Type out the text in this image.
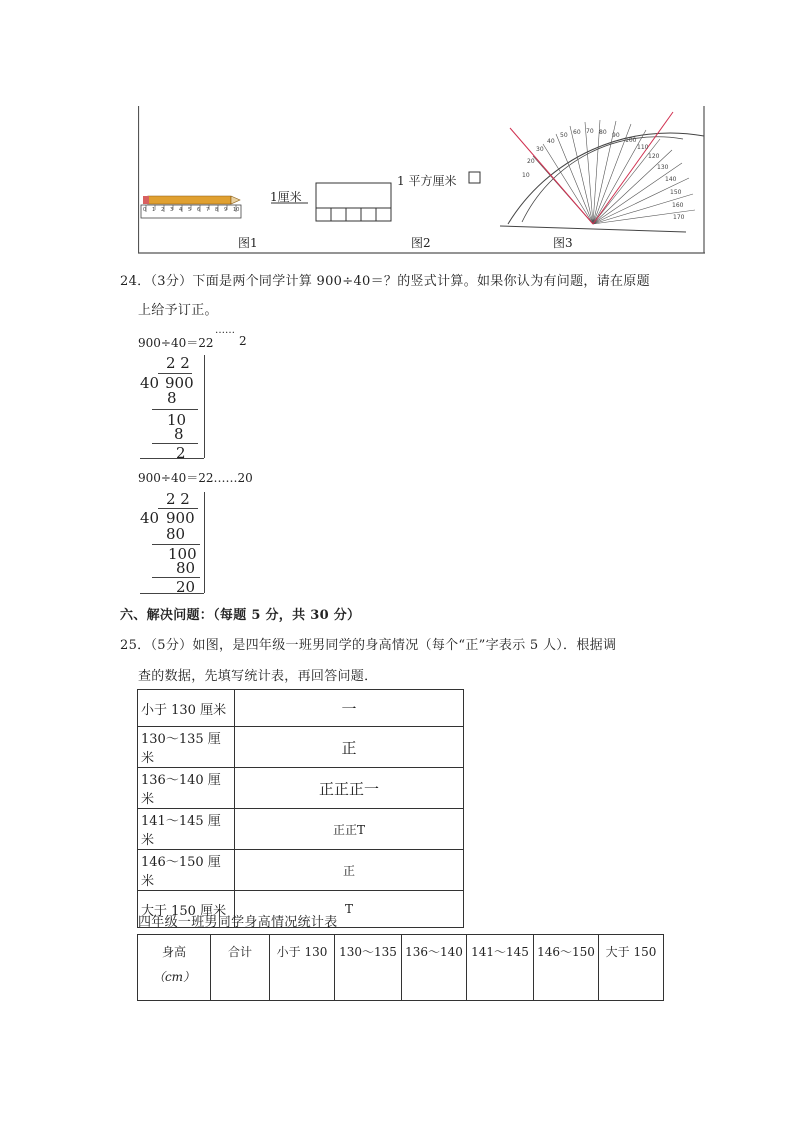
图1	图2	图3
1厘米
1 平方厘米
0 1 2 3 4 5 6 7 8 9 10
10
20
30
40
50 60 70 80 90
100
110
120
130
140
150
160
170
24．（3分）下面是两个同学计算 900÷40＝？的竖式计算。如果你认为有问题，请在原题
上给予订正。
900÷40＝22
……
2
2 2
40 900
8
10
8
2
900÷40＝22……20
2 2
40 900
80
100
80
20
六、解决问题：（每题 5 分，共 30 分）
25．（5分）如图，是四年级一班男同学的身高情况（每个“正”字表示 5 人）．根据调
查的数据，先填写统计表，再回答问题．
小于 130 厘米	一
130～135 厘米	正
136～140 厘米	正正正一
141～145 厘米	正正T
146～150 厘米	正
大于 150 厘米	T
四年级一班男同学身高情况统计表
身高
（cm）
	合计	小于 130	130～135	136～140	141～145	146～150	大于 150
